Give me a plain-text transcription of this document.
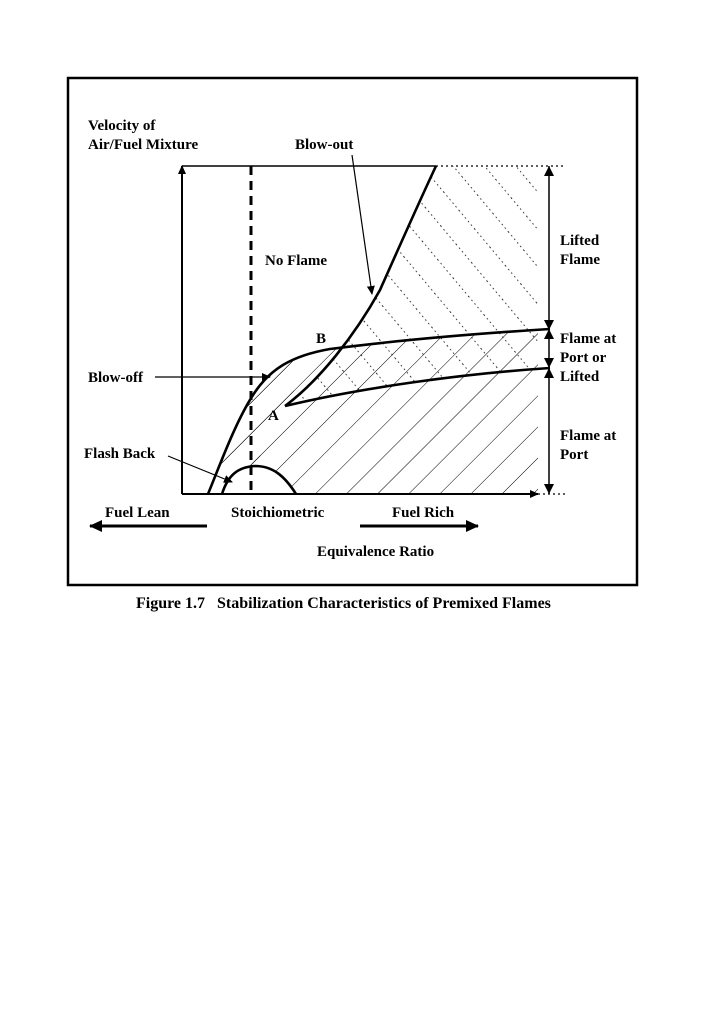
Velocity of
Air/Fuel Mixture	Blow-out
No Flame
Lifted
Flame
B	Flame at
Port or
Lifted
Blow-off
A
Flame at
Port
Flash Back
Fuel Lean	Stoichiometric	Fuel Rich
Equivalence Ratio
Figure 1.7   Stabilization Characteristics of Premixed Flames
